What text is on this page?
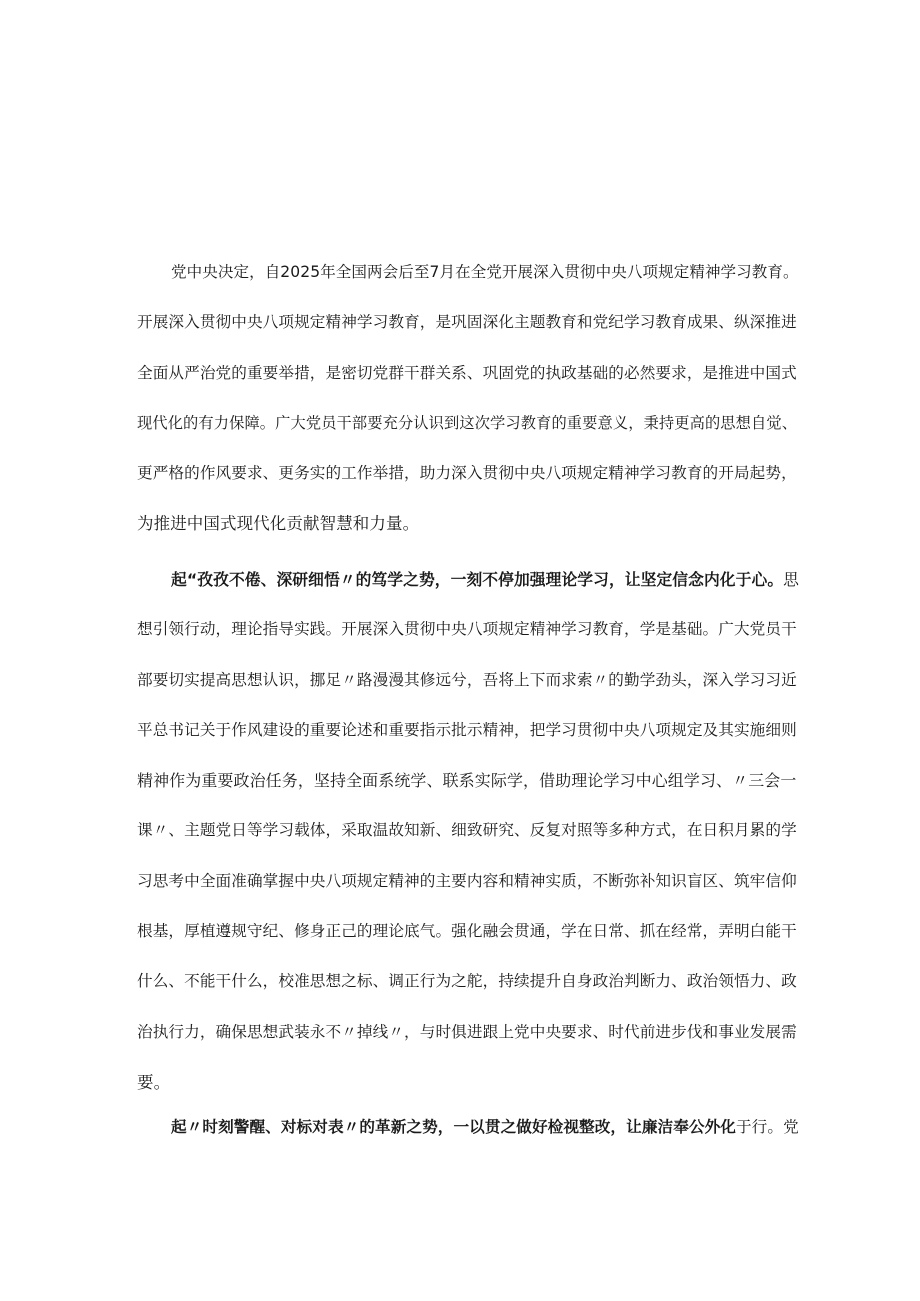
党中央决定，自2025年全国两会后至7月在全党开展深入贯彻中央八项规定精神学习教育。
开展深入贯彻中央八项规定精神学习教育，是巩固深化主题教育和党纪学习教育成果、纵深推进
全面从严治党的重要举措，是密切党群干群关系、巩固党的执政基础的必然要求，是推进中国式
现代化的有力保障。广大党员干部要充分认识到这次学习教育的重要意义，秉持更高的思想自觉、
更严格的作风要求、更务实的工作举措，助力深入贯彻中央八项规定精神学习教育的开局起势，
为推进中国式现代化贡献智慧和力量。
起“孜孜不倦、深研细悟〃的笃学之势，一刻不停加强理论学习，让坚定信念内化于心。思
想引领行动，理论指导实践。开展深入贯彻中央八项规定精神学习教育，学是基础。广大党员干
部要切实提高思想认识，挪足〃路漫漫其修远兮，吾将上下而求索〃的勤学劲头，深入学习习近
平总书记关于作风建设的重要论述和重要指示批示精神，把学习贯彻中央八项规定及其实施细则
精神作为重要政治任务，坚持全面系统学、联系实际学，借助理论学习中心组学习、〃三会一
课〃、主题党日等学习载体，采取温故知新、细致研究、反复对照等多种方式，在日积月累的学
习思考中全面准确掌握中央八项规定精神的主要内容和精神实质，不断弥补知识盲区、筑牢信仰
根基，厚植遵规守纪、修身正己的理论底气。强化融会贯通，学在日常、抓在经常，弄明白能干
什么、不能干什么，校准思想之标、调正行为之舵，持续提升自身政治判断力、政治领悟力、政
治执行力，确保思想武装永不〃掉线〃，与时俱进跟上党中央要求、时代前进步伐和事业发展需
要。
起〃时刻警醒、对标对表〃的革新之势，一以贯之做好检视整改，让廉洁奉公外化于行。党
